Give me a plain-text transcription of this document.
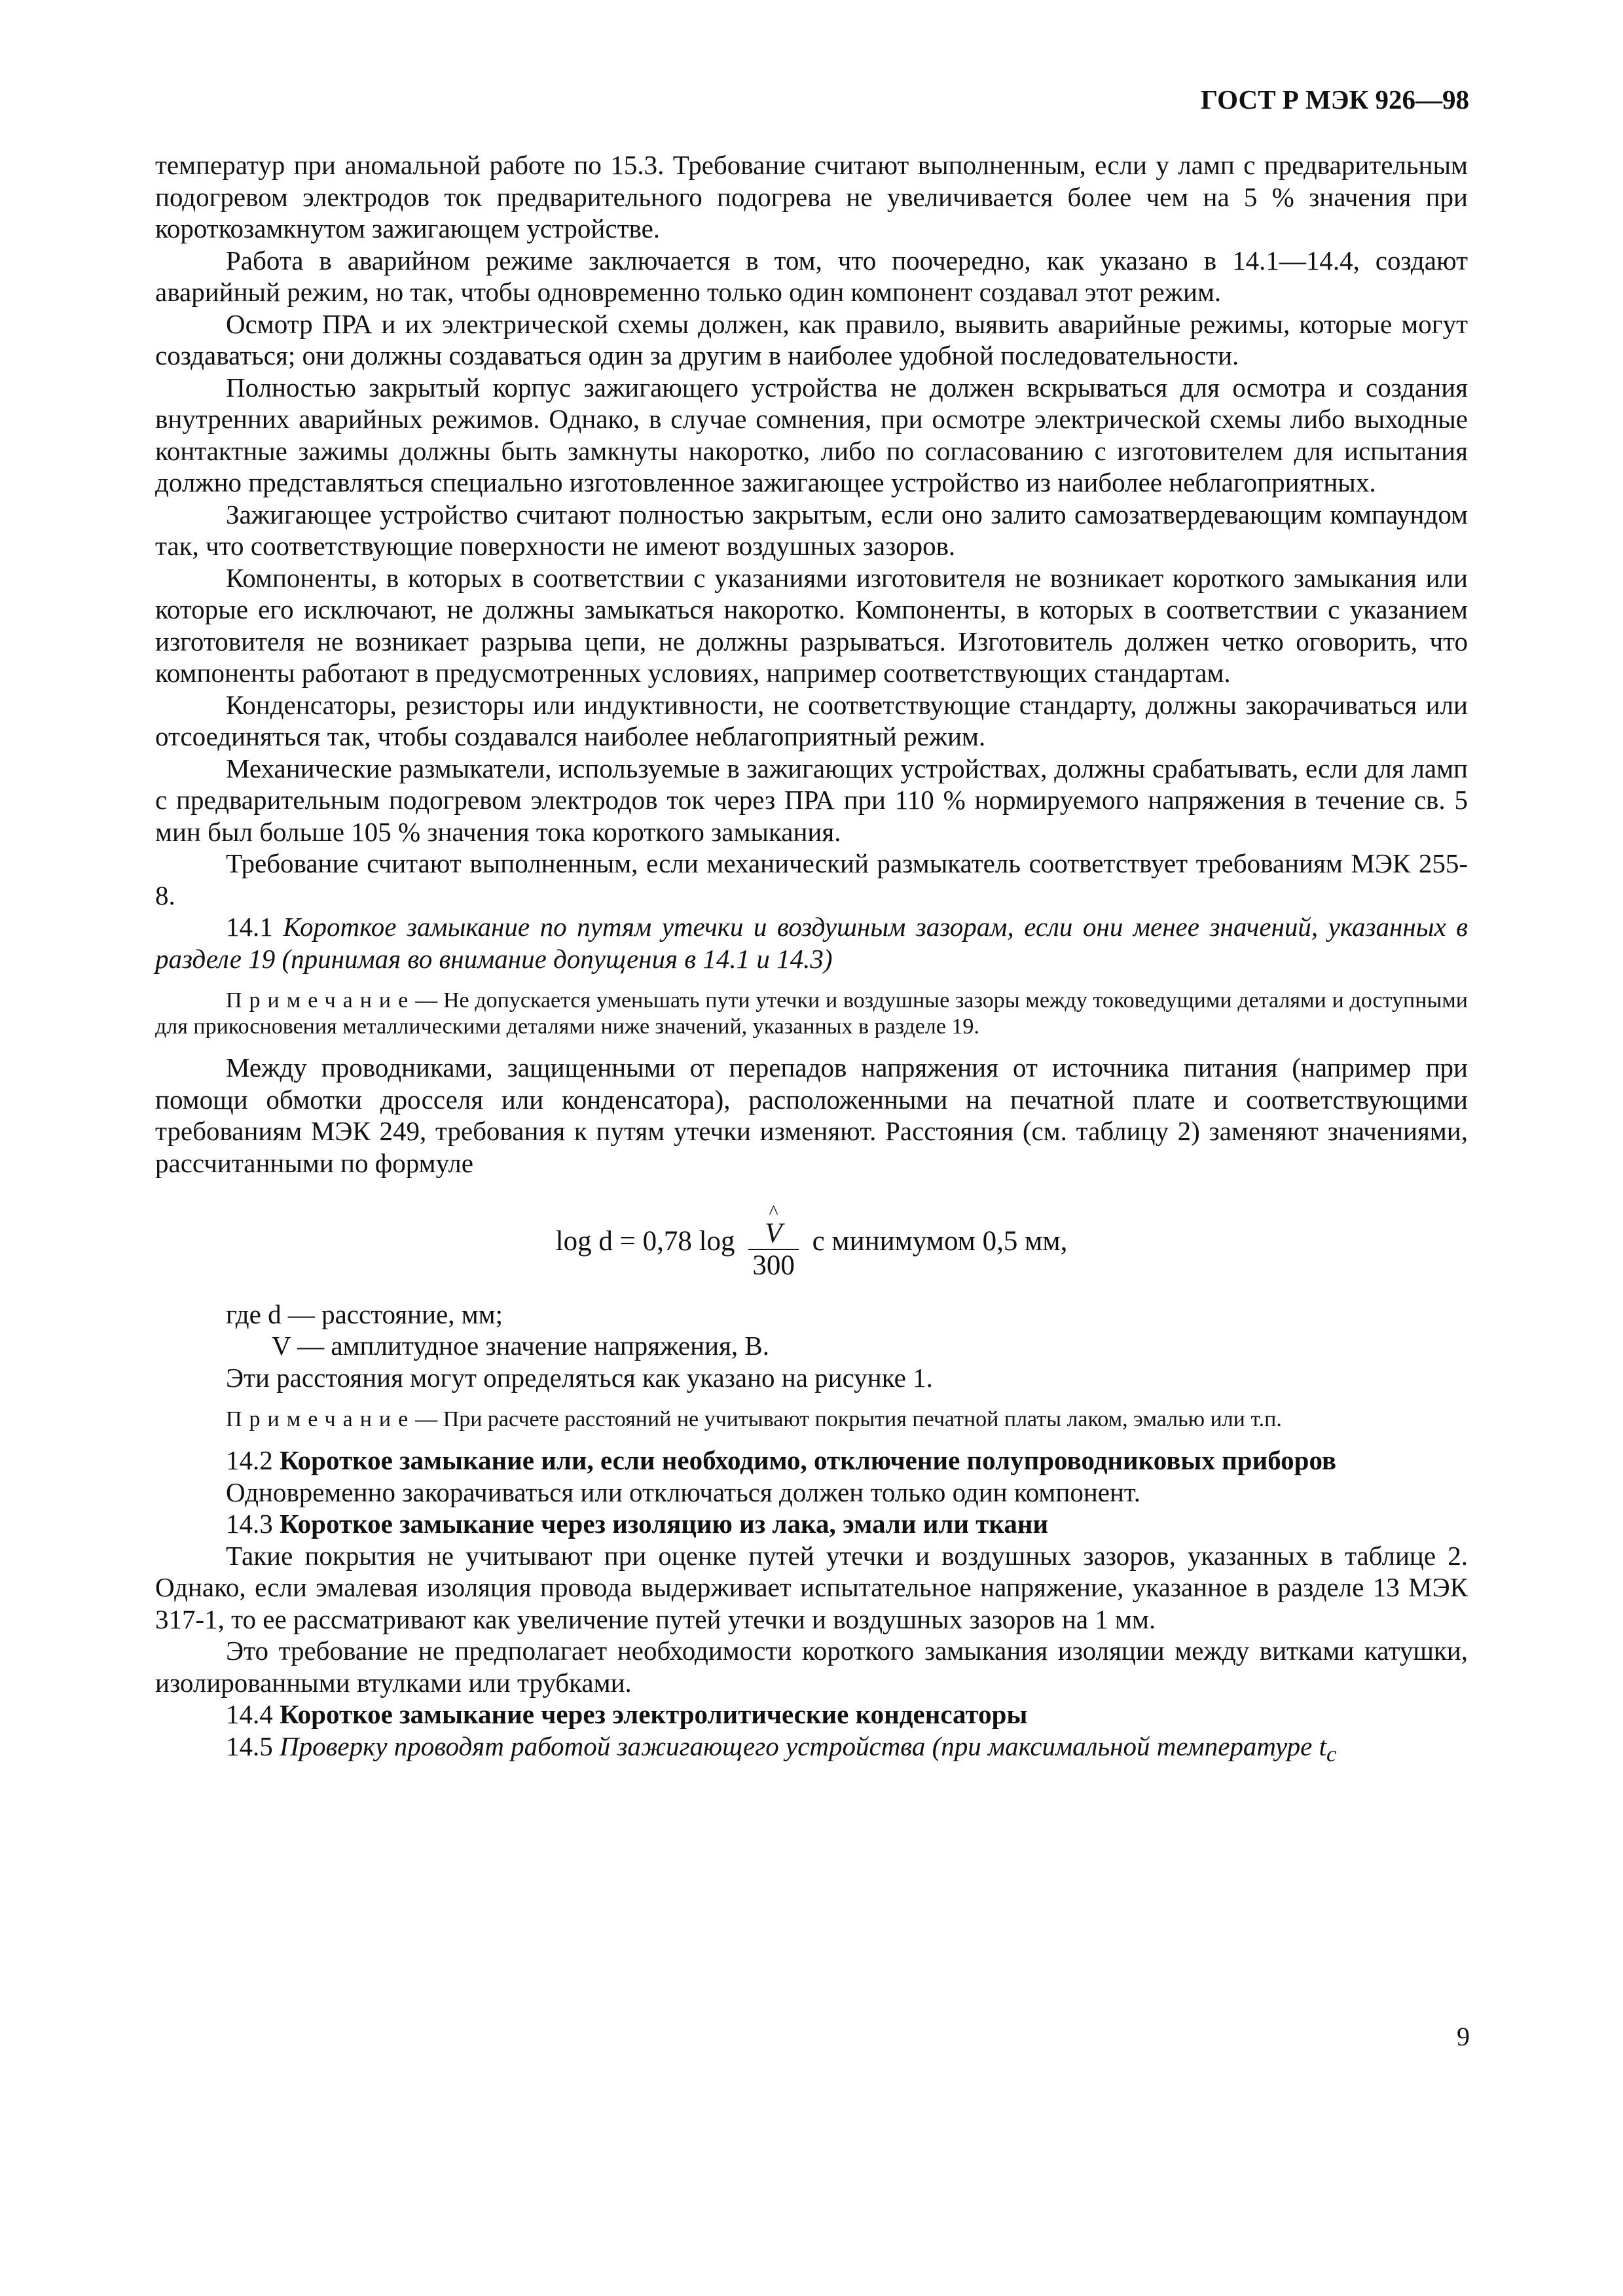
ГОСТ Р МЭК 926—98

температур при аномальной работе по 15.3. Требование считают выполненным, если у ламп с предварительным подогревом электродов ток предварительного подогрева не увеличивается более чем на 5 % значения при короткозамкнутом зажигающем устройстве.

Работа в аварийном режиме заключается в том, что поочередно, как указано в 14.1—14.4, создают аварийный режим, но так, чтобы одновременно только один компонент создавал этот режим.

Осмотр ПРА и их электрической схемы должен, как правило, выявить аварийные режимы, которые могут создаваться; они должны создаваться один за другим в наиболее удобной последовательности.

Полностью закрытый корпус зажигающего устройства не должен вскрываться для осмотра и создания внутренних аварийных режимов. Однако, в случае сомнения, при осмотре электрической схемы либо выходные контактные зажимы должны быть замкнуты накоротко, либо по согласованию с изготовителем для испытания должно представляться специально изготовленное зажигающее устройство из наиболее неблагоприятных.

Зажигающее устройство считают полностью закрытым, если оно залито самозатвердевающим компаундом так, что соответствующие поверхности не имеют воздушных зазоров.

Компоненты, в которых в соответствии с указаниями изготовителя не возникает короткого замыкания или которые его исключают, не должны замыкаться накоротко. Компоненты, в которых в соответствии с указанием изготовителя не возникает разрыва цепи, не должны разрываться. Изготовитель должен четко оговорить, что компоненты работают в предусмотренных условиях, например соответствующих стандартам.

Конденсаторы, резисторы или индуктивности, не соответствующие стандарту, должны закорачиваться или отсоединяться так, чтобы создавался наиболее неблагоприятный режим.

Механические размыкатели, используемые в зажигающих устройствах, должны срабатывать, если для ламп с предварительным подогревом электродов ток через ПРА при 110 % нормируемого напряжения в течение св. 5 мин был больше 105 % значения тока короткого замыкания.

Требование считают выполненным, если механический размыкатель соответствует требованиям МЭК 255-8.

14.1 Короткое замыкание по путям утечки и воздушным зазорам, если они менее значений, указанных в разделе 19 (принимая во внимание допущения в 14.1 и 14.3)

Примечание— Не допускается уменьшать пути утечки и воздушные зазоры между токоведущими деталями и доступными для прикосновения металлическими деталями ниже значений, указанных в разделе 19.

Между проводниками, защищенными от перепадов напряжения от источника питания (например при помощи обмотки дросселя или конденсатора), расположенными на печатной плате и соответствующими требованиям МЭК 249, требования к путям утечки изменяют. Расстояния (см. таблицу 2) заменяют значениями, рассчитанными по формуле

log d = 0,78 log ^
V
300 с минимумом 0,5 мм,

где d — расстояние, мм;

V — амплитудное значение напряжения, В.

Эти расстояния могут определяться как указано на рисунке 1.

Примечание— При расчете расстояний не учитывают покрытия печатной платы лаком, эмалью или т.п.

14.2 Короткое замыкание или, если необходимо, отключение полупроводниковых приборов

Одновременно закорачиваться или отключаться должен только один компонент.

14.3 Короткое замыкание через изоляцию из лака, эмали или ткани

Такие покрытия не учитывают при оценке путей утечки и воздушных зазоров, указанных в таблице 2. Однако, если эмалевая изоляция провода выдерживает испытательное напряжение, указанное в разделе 13 МЭК 317-1, то ее рассматривают как увеличение путей утечки и воздушных зазоров на 1 мм.

Это требование не предполагает необходимости короткого замыкания изоляции между витками катушки, изолированными втулками или трубками.

14.4 Короткое замыкание через электролитические конденсаторы

14.5 Проверку проводят работой зажигающего устройства (при максимальной температуре $t_c$

9
